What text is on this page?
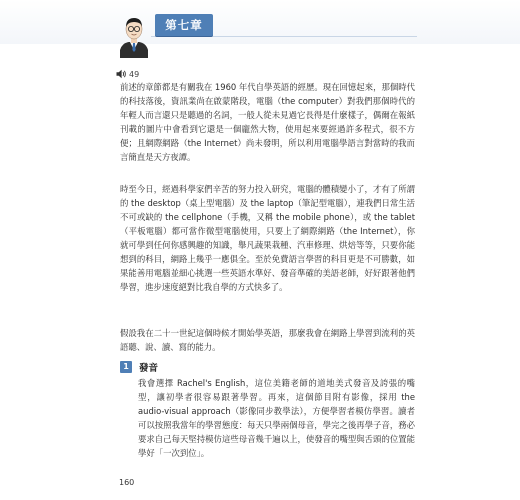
第七章
49

前述的章節都是有關我在 1960 年代自學英語的經歷。現在回憶起來，那個時代的科技落後，資訊業尚在啟蒙階段，電腦（the computer）對我們那個時代的年輕人而言還只是聽過的名詞，一般人從未見過它長得是什麼樣子，偶爾在報紙刊載的圖片中會看到它還是一個龐然大物，使用起來要經過許多程式，很不方便；且網際網路（the Internet）尚未發明，所以利用電腦學語言對當時的我而言簡直是天方夜譚。

時至今日，經過科學家們辛苦的努力投入研究，電腦的體積變小了，才有了所謂的 the desktop（桌上型電腦）及 the laptop（筆記型電腦），連我們日常生活不可或缺的 the cellphone（手機，又稱 the mobile phone），或 the tablet（平板電腦）都可當作微型電腦使用，只要上了網際網路（the Internet），你就可學到任何你感興趣的知識，舉凡蔬果栽種、汽車修理、烘焙等等，只要你能想到的科目，網路上幾乎一應俱全。至於免費語言學習的科目更是不可勝數，如果能善用電腦並細心挑選一些英語水準好、發音準確的美語老師，好好跟著他們學習，進步速度絕對比我自學的方式快多了。

假設我在二十一世紀這個時候才開始學英語，那麼我會在網路上學習到流利的英語聽、說、讀、寫的能力。

1	發音

我會選擇 Rachel's English，這位美籍老師的道地美式發音及誇張的嘴型，讓初學者很容易跟著學習。再來，這個節目附有影像，採用 the audio-visual approach（影像同步教學法），方便學習者模仿學習。讀者可以按照我當年的學習態度：每天只學兩個母音，學完之後再學子音，務必要求自己每天堅持模仿這些母音幾千遍以上，使發音的嘴型與舌頭的位置能學好「一次到位」。

160
